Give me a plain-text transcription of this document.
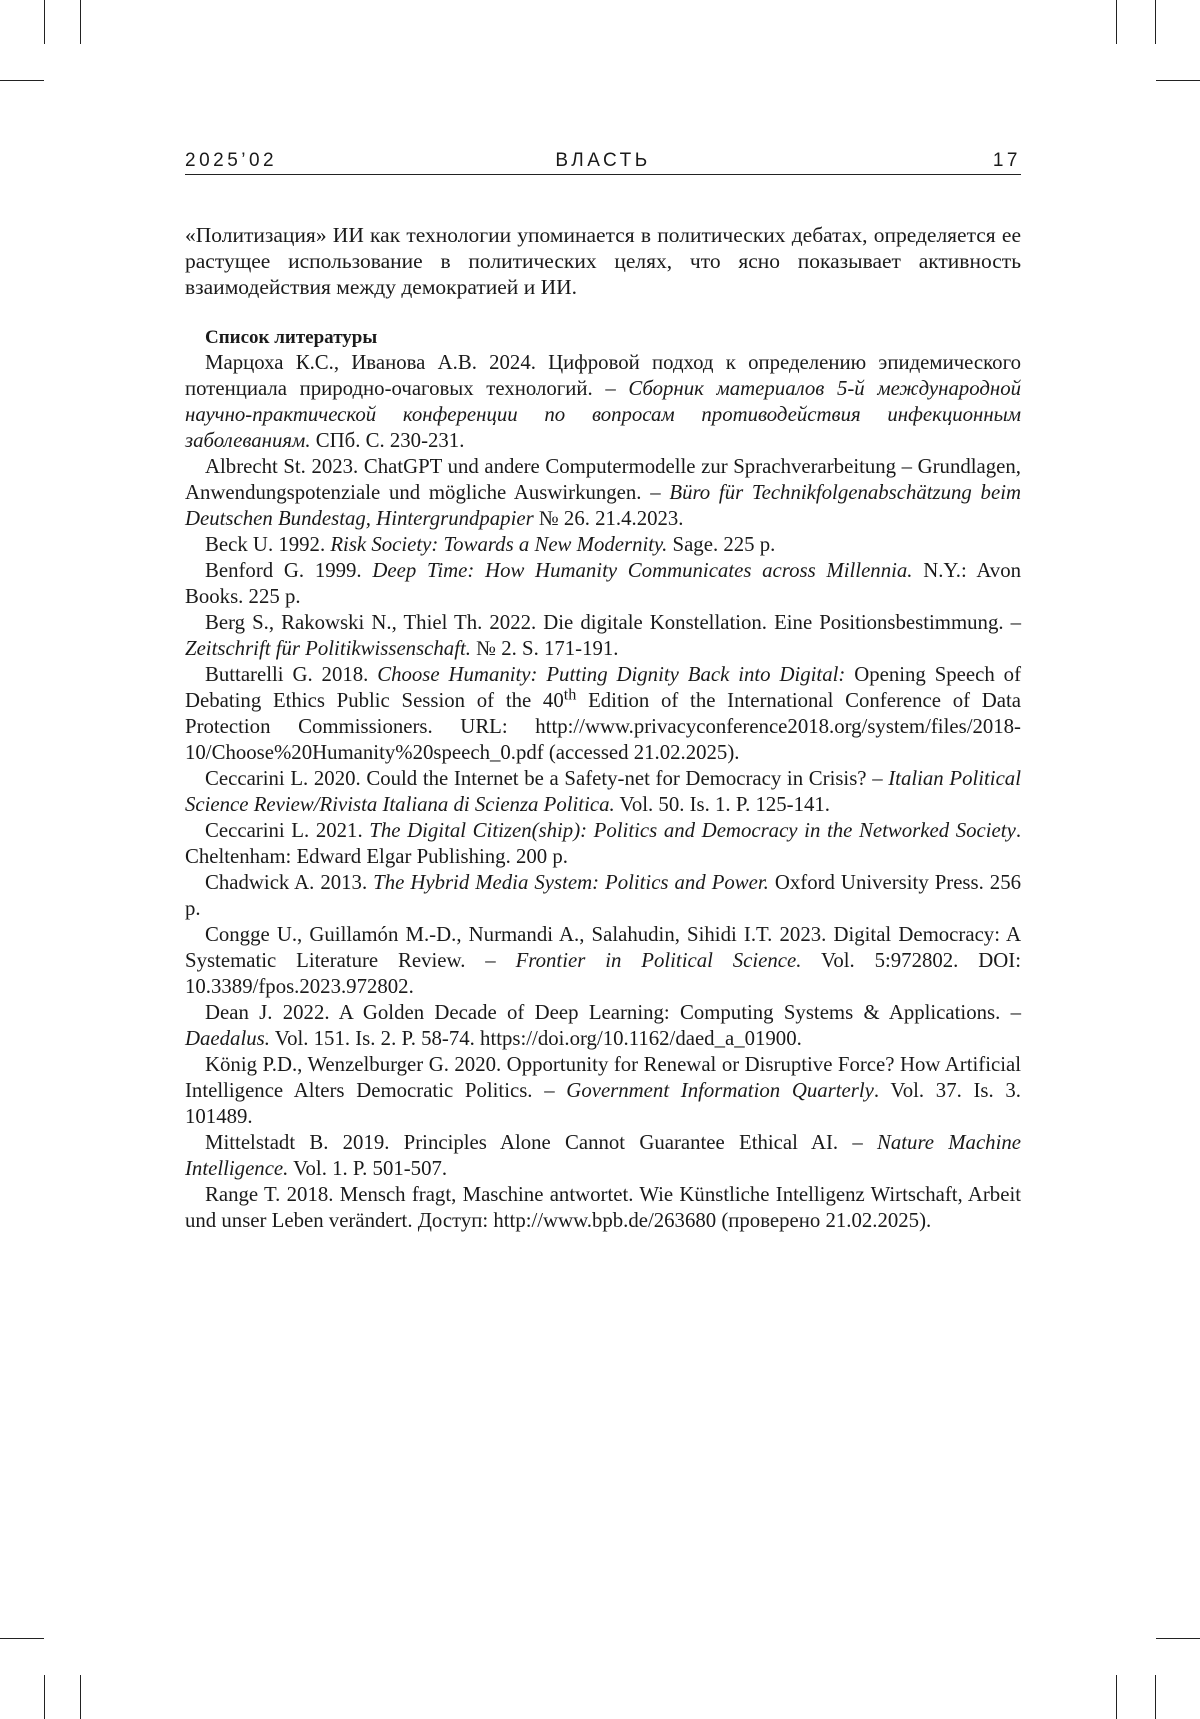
2025’02	ВЛАСТЬ	17

«Политизация» ИИ как технологии упоминается в политических дебатах, определяется ее растущее использование в политических целях, что ясно показывает активность взаимодействия между демократией и ИИ.

Список литературы
Марцоха К.С., Иванова А.В. 2024. Цифровой подход к определению эпидемического потенциала природно-очаговых технологий. – Сборник материалов 5-й международной научно-практической конференции по вопросам противодействия инфекционным заболеваниям. СПб. С. 230-231.
Albrecht St. 2023. ChatGPT und andere Computermodelle zur Sprachverarbeitung – Grundlagen, Anwendungspotenziale und mögliche Auswirkungen. – Büro für Technikfolgenabschätzung beim Deutschen Bundestag, Hintergrundpapier № 26. 21.4.2023.
Beck U. 1992. Risk Society: Towards a New Modernity. Sage. 225 p.
Benford G. 1999. Deep Time: How Humanity Communicates across Millennia. N.Y.: Avon Books. 225 p.
Berg S., Rakowski N., Thiel Th. 2022. Die digitale Konstellation. Eine Positionsbestimmung. – Zeitschrift für Politikwissenschaft. № 2. S. 171-191.
Buttarelli G. 2018. Choose Humanity: Putting Dignity Back into Digital: Opening Speech of Debating Ethics Public Session of the 40th Edition of the International Conference of Data Protection Commissioners. URL: http://www.privacyconference2018.org/system/files/2018-10/Choose%20Humanity%20speech_0.pdf (accessed 21.02.2025).
Ceccarini L. 2020. Could the Internet be a Safety-net for Democracy in Crisis? – Italian Political Science Review/Rivista Italiana di Scienza Politica. Vol. 50. Is. 1. P. 125-141.
Ceccarini L. 2021. The Digital Citizen(ship): Politics and Democracy in the Networked Society. Cheltenham: Edward Elgar Publishing. 200 p.
Chadwick A. 2013. The Hybrid Media System: Politics and Power. Oxford University Press. 256 p.
Congge U., Guillamón M.-D., Nurmandi A., Salahudin, Sihidi I.T. 2023. Digital Democracy: A Systematic Literature Review. – Frontier in Political Science. Vol. 5:972802. DOI: 10.3389/fpos.2023.972802.
Dean J. 2022. A Golden Decade of Deep Learning: Computing Systems & Applications. – Daedalus. Vol. 151. Is. 2. P. 58-74. https://doi.org/10.1162/daed_a_01900.
König P.D., Wenzelburger G. 2020. Opportunity for Renewal or Disruptive Force? How Artificial Intelligence Alters Democratic Politics. – Government Information Quarterly. Vol. 37. Is. 3. 101489.
Mittelstadt B. 2019. Principles Alone Cannot Guarantee Ethical AI. – Nature Machine Intelligence. Vol. 1. P. 501-507.
Range T. 2018. Mensch fragt, Maschine antwortet. Wie Künstliche Intelligenz Wirtschaft, Arbeit und unser Leben verändert. Доступ: http://www.bpb.de/263680 (проверено 21.02.2025).
